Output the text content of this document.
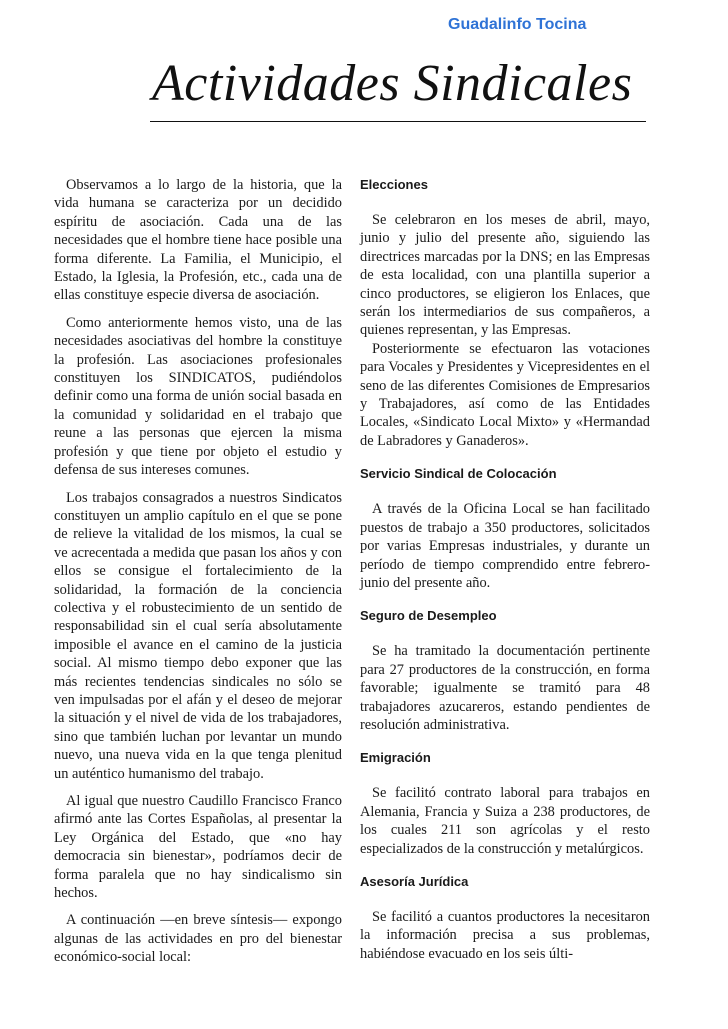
Guadalinfo Tocina
Actividades Sindicales

Observamos a lo largo de la historia, que la vida humana se caracteriza por un decidido espíritu de asociación. Cada una de las necesidades que el hombre tiene hace posible una forma diferente. La Familia, el Municipio, el Estado, la Iglesia, la Profesión, etc., cada una de ellas constituye especie diversa de asociación.

Como anteriormente hemos visto, una de las necesidades asociativas del hombre la constituye la profesión. Las asociaciones profesionales constituyen los SINDICATOS, pudiéndolos definir como una forma de unión social basada en la comunidad y solidaridad en el trabajo que reune a las personas que ejercen la misma profesión y que tiene por objeto el estudio y defensa de sus intereses comunes.

Los trabajos consagrados a nuestros Sindicatos constituyen un amplio capítulo en el que se pone de relieve la vitalidad de los mismos, la cual se ve acrecentada a medida que pasan los años y con ellos se consigue el fortalecimiento de la solidaridad, la formación de la conciencia colectiva y el robustecimiento de un sentido de responsabilidad sin el cual sería absolutamente imposible el avance en el camino de la justicia social. Al mismo tiempo debo exponer que las más recientes tendencias sindicales no sólo se ven impulsadas por el afán y el deseo de mejorar la situación y el nivel de vida de los trabajadores, sino que también luchan por levantar un mundo nuevo, una nueva vida en la que tenga plenitud un auténtico humanismo del trabajo.

Al igual que nuestro Caudillo Francisco Franco afirmó ante las Cortes Españolas, al presentar la Ley Orgánica del Estado, que «no hay democracia sin bienestar», podríamos decir de forma paralela que no hay sindicalismo sin hechos.

A continuación —en breve síntesis— expongo algunas de las actividades en pro del bienestar económico-social local:

Elecciones

Se celebraron en los meses de abril, mayo, junio y julio del presente año, siguiendo las directrices marcadas por la DNS; en las Empresas de esta localidad, con una plantilla superior a cinco productores, se eligieron los Enlaces, que serán los intermediarios de sus compañeros, a quienes representan, y las Empresas.

Posteriormente se efectuaron las votaciones para Vocales y Presidentes y Vicepresidentes en el seno de las diferentes Comisiones de Empresarios y Trabajadores, así como de las Entidades Locales, «Sindicato Local Mixto» y «Hermandad de Labradores y Ganaderos».

Servicio Sindical de Colocación

A través de la Oficina Local se han facilitado puestos de trabajo a 350 productores, solicitados por varias Empresas industriales, y durante un período de tiempo comprendido entre febrero-junio del presente año.

Seguro de Desempleo

Se ha tramitado la documentación pertinente para 27 productores de la construcción, en forma favorable; igualmente se tramitó para 48 trabajadores azucareros, estando pendientes de resolución administrativa.

Emigración

Se facilitó contrato laboral para trabajos en Alemania, Francia y Suiza a 238 productores, de los cuales 211 son agrícolas y el resto especializados de la construcción y metalúrgicos.

Asesoría Jurídica

Se facilitó a cuantos productores la necesitaron la información precisa a sus problemas, habiéndose evacuado en los seis últi-
